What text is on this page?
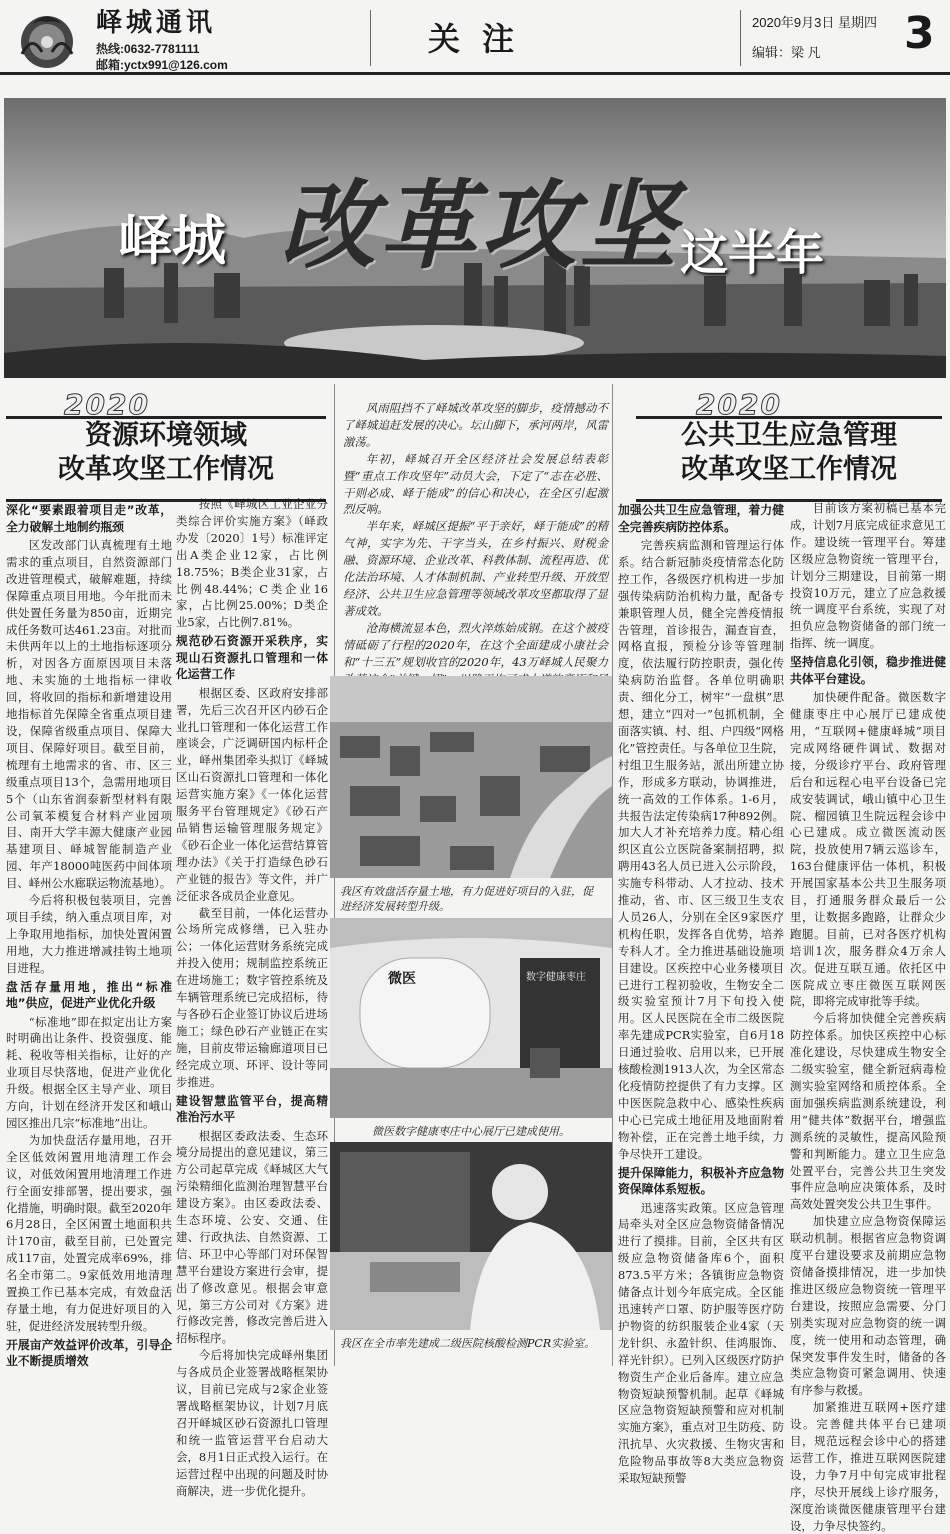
峄城通讯
热线:0632-7781111
邮箱:yctx991@126.com
关注	2020年9月3日 星期四
编辑：梁 凡 3
峄城 改革攻坚 这半年
2020
资源环境领域
改革攻坚工作情况
深化“要素跟着项目走”改革，全力破解土地制约瓶颈

区发改部门认真梳理有土地需求的重点项目，自然资源部门改进管理模式，破解难题，持续保障重点项目用地。今年批而未供处置任务量为850亩，近期完成任务数可达461.23亩。对批而未供两年以上的土地指标逐项分析，对因各方面原因项目未落地、未实施的土地指标一律收回，将收回的指标和新增建设用地指标首先保障全省重点项目建设，保障省级重点项目、保障大项目、保障好项目。截至目前，梳理有土地需求的省、市、区三级重点项目13个，急需用地项目5个（山东省润泰新型材料有限公司氧苯模复合材料产业园项目、南开大学丰源大健康产业园基建项目、峄城智能制造产业园、年产18000吨医药中间体项目、峄州公水廊联运物流基地）。

今后将积极包装项目，完善项目手续，纳入重点项目库，对上争取用地指标，加快处置闲置用地，大力推进增减挂钩土地项目进程。

盘活存量用地，推出“标准地”供应，促进产业优化升级

“标准地”即在拟定出让方案时明确出让条件、投资强度、能耗、税收等相关指标，让好的产业项目尽快落地，促进产业优化升级。根据全区主导产业、项目方向，计划在经济开发区和峨山园区推出几宗“标准地”出让。

为加快盘活存量用地，召开全区低效闲置用地清理工作会议，对低效闲置用地清理工作进行全面安排部署，提出要求，强化措施，明确时限。截至2020年6月28日，全区闲置土地面积共计170亩，截至目前，已处置完成117亩，处置完成率69%，排名全市第二。9家低效用地清理置换工作已基本完成，有效盘活存量土地，有力促进好项目的入驻，促进经济发展转型升级。

开展亩产效益评价改革，引导企业不断提质增效

按照《峄城区工业企业分类综合评价实施方案》（峄政办发〔2020〕1号）标准评定出A类企业12家，占比例18.75%；B类企业31家，占比例48.44%；C类企业16家，占比例25.00%；D类企业5家，占比例7.81%。

规范砂石资源开采秩序，实现山石资源扎口管理和一体化运营工作

根据区委、区政府安排部署，先后三次召开区内砂石企业扎口管理和一体化运营工作座谈会，广泛调研国内标杆企业，峄州集团牵头拟订《峄城区山石资源扎口管理和一体化运营实施方案》《一体化运营服务平台管理规定》《砂石产品销售运输管理服务规定》《砂石企业一体化运营结算管理办法》《关于打造绿色砂石产业链的报告》等文件，并广泛征求各成员企业意见。

截至目前，一体化运营办公场所完成修缮，已入驻办公；一体化运营财务系统完成并投入使用；规制监控系统正在进场施工；数字管控系统及车辆管理系统已完成招标，待与各砂石企业签订协议后进场施工；绿色砂石产业链正在实施，目前皮带运输廊道项目已经完成立项、环评、设计等同步推进。

建设智慧监管平台，提高精准治污水平

根据区委政法委、生态环境分局提出的意见建议，第三方公司起草完成《峄城区大气污染精细化监测治理智慧平台建设方案》。由区委政法委、生态环境、公安、交通、住建、行政执法、自然资源、工信、环卫中心等部门对环保智慧平台建设方案进行会审，提出了修改意见。根据会审意见，第三方公司对《方案》进行修改完善，修改完善后进入招标程序。

今后将加快完成峄州集团与各成员企业签署战略框架协议，目前已完成与2家企业签署战略框架协议，计划7月底召开峄城区砂石资源扎口管理和统一监管运营平台启动大会，8月1日正式投入运行。在运营过程中出现的问题及时协商解决，进一步优化提升。

风雨阻挡不了峄城改革攻坚的脚步，疫情撼动不了峄城追赶发展的决心。坛山脚下，承河两岸，风雷激荡。

年初，峄城召开全区经济社会发展总结表彰暨“重点工作攻坚年”动员大会，下定了“志在必胜、干则必成、峄于能成”的信心和决心，在全区引起激烈反响。

半年来，峄城区提振“平于亲好，峄于能成”的精气神，实字为先、干字当头，在乡村振兴、财税金融、资源环境、企业改革、科教体制、流程再造、优化法治环境、人才体制机制、产业转型升级、开放型经济、公共卫生应急管理等领域改革攻坚都取得了显著成效。

沧海横流显本色，烈火淬炼始成钢。在这个被疫情砥砺了行程的2020年，在这个全面建成小康社会和“十三五”规划收官的2020年，43万峄城人民聚力

我区有效盘活存量土地，有力促进好项目的入驻，促进经济发展转型升级。
微医	数字健康枣庄
微医数字健康枣庄中心展厅已建成使用。
我区在全市率先建成二级医院核酸检测PCR实验室。
2020
公共卫生应急管理
改革攻坚工作情况
加强公共卫生应急管理，着力健全完善疾病防控体系。

完善疾病监测和管理运行体系。结合新冠肺炎疫情常态化防控工作，各级医疗机构进一步加强传染病防治机构力量，配备专兼职管理人员，健全完善疫情报告管理，首诊报告，漏查盲查，网格直报，预检分诊等管理制度，依法履行防控职责，强化传染病防治监督。各单位明确职责、细化分工，树牢“一盘棋”思想，建立“四对一”包抓机制，全面落实镇、村、组、户四级“网格化”管控责任。与各单位卫生院，村组卫生服务站，派出所建立协作，形成多方联动，协调推进，统一高效的工作体系。1-6月，共报告法定传染病17种892例。加大人才补充培养力度。精心组织区直公立医院备案制招聘，拟聘用43名人员已进入公示阶段，实施专科带动、人才拉动、技术推动，省、市、区三级卫生支农人员26人，分别在全区9家医疗机构任职，发挥各自优势，培养专科人才。全力推进基础设施项目建设。区疾控中心业务楼项目已进行工程初验收，生物安全二级实验室预计7月下旬投入使用。区人民医院在全市二级医院率先建成PCR实验室，自6月18日通过验收、启用以来，已开展核酸检测1913人次，为全区常态化疫情防控提供了有力支撑。区中医医院急救中心、感染性疾病中心已完成土地征用及地面附着物补偿，正在完善土地手续，力争尽快开工建设。

提升保障能力，积极补齐应急物资保障体系短板。

迅速落实政策。区应急管理局牵头对全区应急物资储备情况进行了摸排。目前，全区共有区级应急物资储备库6个，面积873.5平方米；各镇街应急物资储备点计划今年底完成。全区能迅速转产口罩、防护服等医疗防护物资的纺织服装企业4家（天龙针织、永盈针织、佳鸿服饰、祥光针织）。已列入区级医疗防护物资生产企业后备库。建立应急物资短缺预警机制。起草《峄城区应急物资短缺预警和应对机制实施方案》，重点对卫生防疫、防汛抗旱、火灾救援、生物灾害和危险物品事故等8大类应急物资采取短缺预警

目前该方案初稿已基本完成，计划7月底完成征求意见工作。建设统一管理平台。筹建区级应急物资统一管理平台，计划分三期建设，目前第一期投资10万元，建立了应急救援统一调度平台系统，实现了对担负应急物资储备的部门统一指挥、统一调度。

坚持信息化引领，稳步推进健共体平台建设。

加快硬件配备。微医数字健康枣庄中心展厅已建成使用，“互联网+健康峄城”项目完成网络硬件调试、数据对接，分级诊疗平台、政府管理后台和远程心电平台设备已完成安装调试，峨山镇中心卫生院、榴园镇卫生院远程会诊中心已建成。成立微医流动医院，投放使用7辆云巡诊车，163台健康评估一体机，积极开展国家基本公共卫生服务项目，打通服务群众最后一公里，让数据多跑路，让群众少跑腿。目前，已对各医疗机构培训1次，服务群众4万余人次。促进互联互通。依托区中医院成立枣庄微医互联网医院，即将完成审批等手续。

今后将加快健全完善疾病防控体系。加快区疾控中心标准化建设，尽快建成生物安全二级实验室，健全新冠病毒检测实验室网络和质控体系。全面加强疾病监测系统建设，利用“健共体”数据平台，增强监测系统的灵敏性，提高风险预警和判断能力。建立卫生应急处置平台，完善公共卫生突发事件应急响应决策体系，及时高效处置突发公共卫生事件。

加快建立应急物资保障运联动机制。根据省应急物资调度平台建设要求及前期应急物资储备摸排情况，进一步加快推进区级应急物资统一管理平台建设，按照应急需要、分门别类实现对应急物资的统一调度，统一使用和动态管理，确保突发事件发生时，储备的各类应急物资可紧急调用、快速有序参与救援。

加紧推进互联网+医疗建设。完善健共体平台已建项目，规范远程会诊中心的搭建运营工作，推进互联网医院建设，力争7月中旬完成审批程序，尽快开展线上诊疗服务，深度治谈微医健康管理平台建设，力争尽快签约。
